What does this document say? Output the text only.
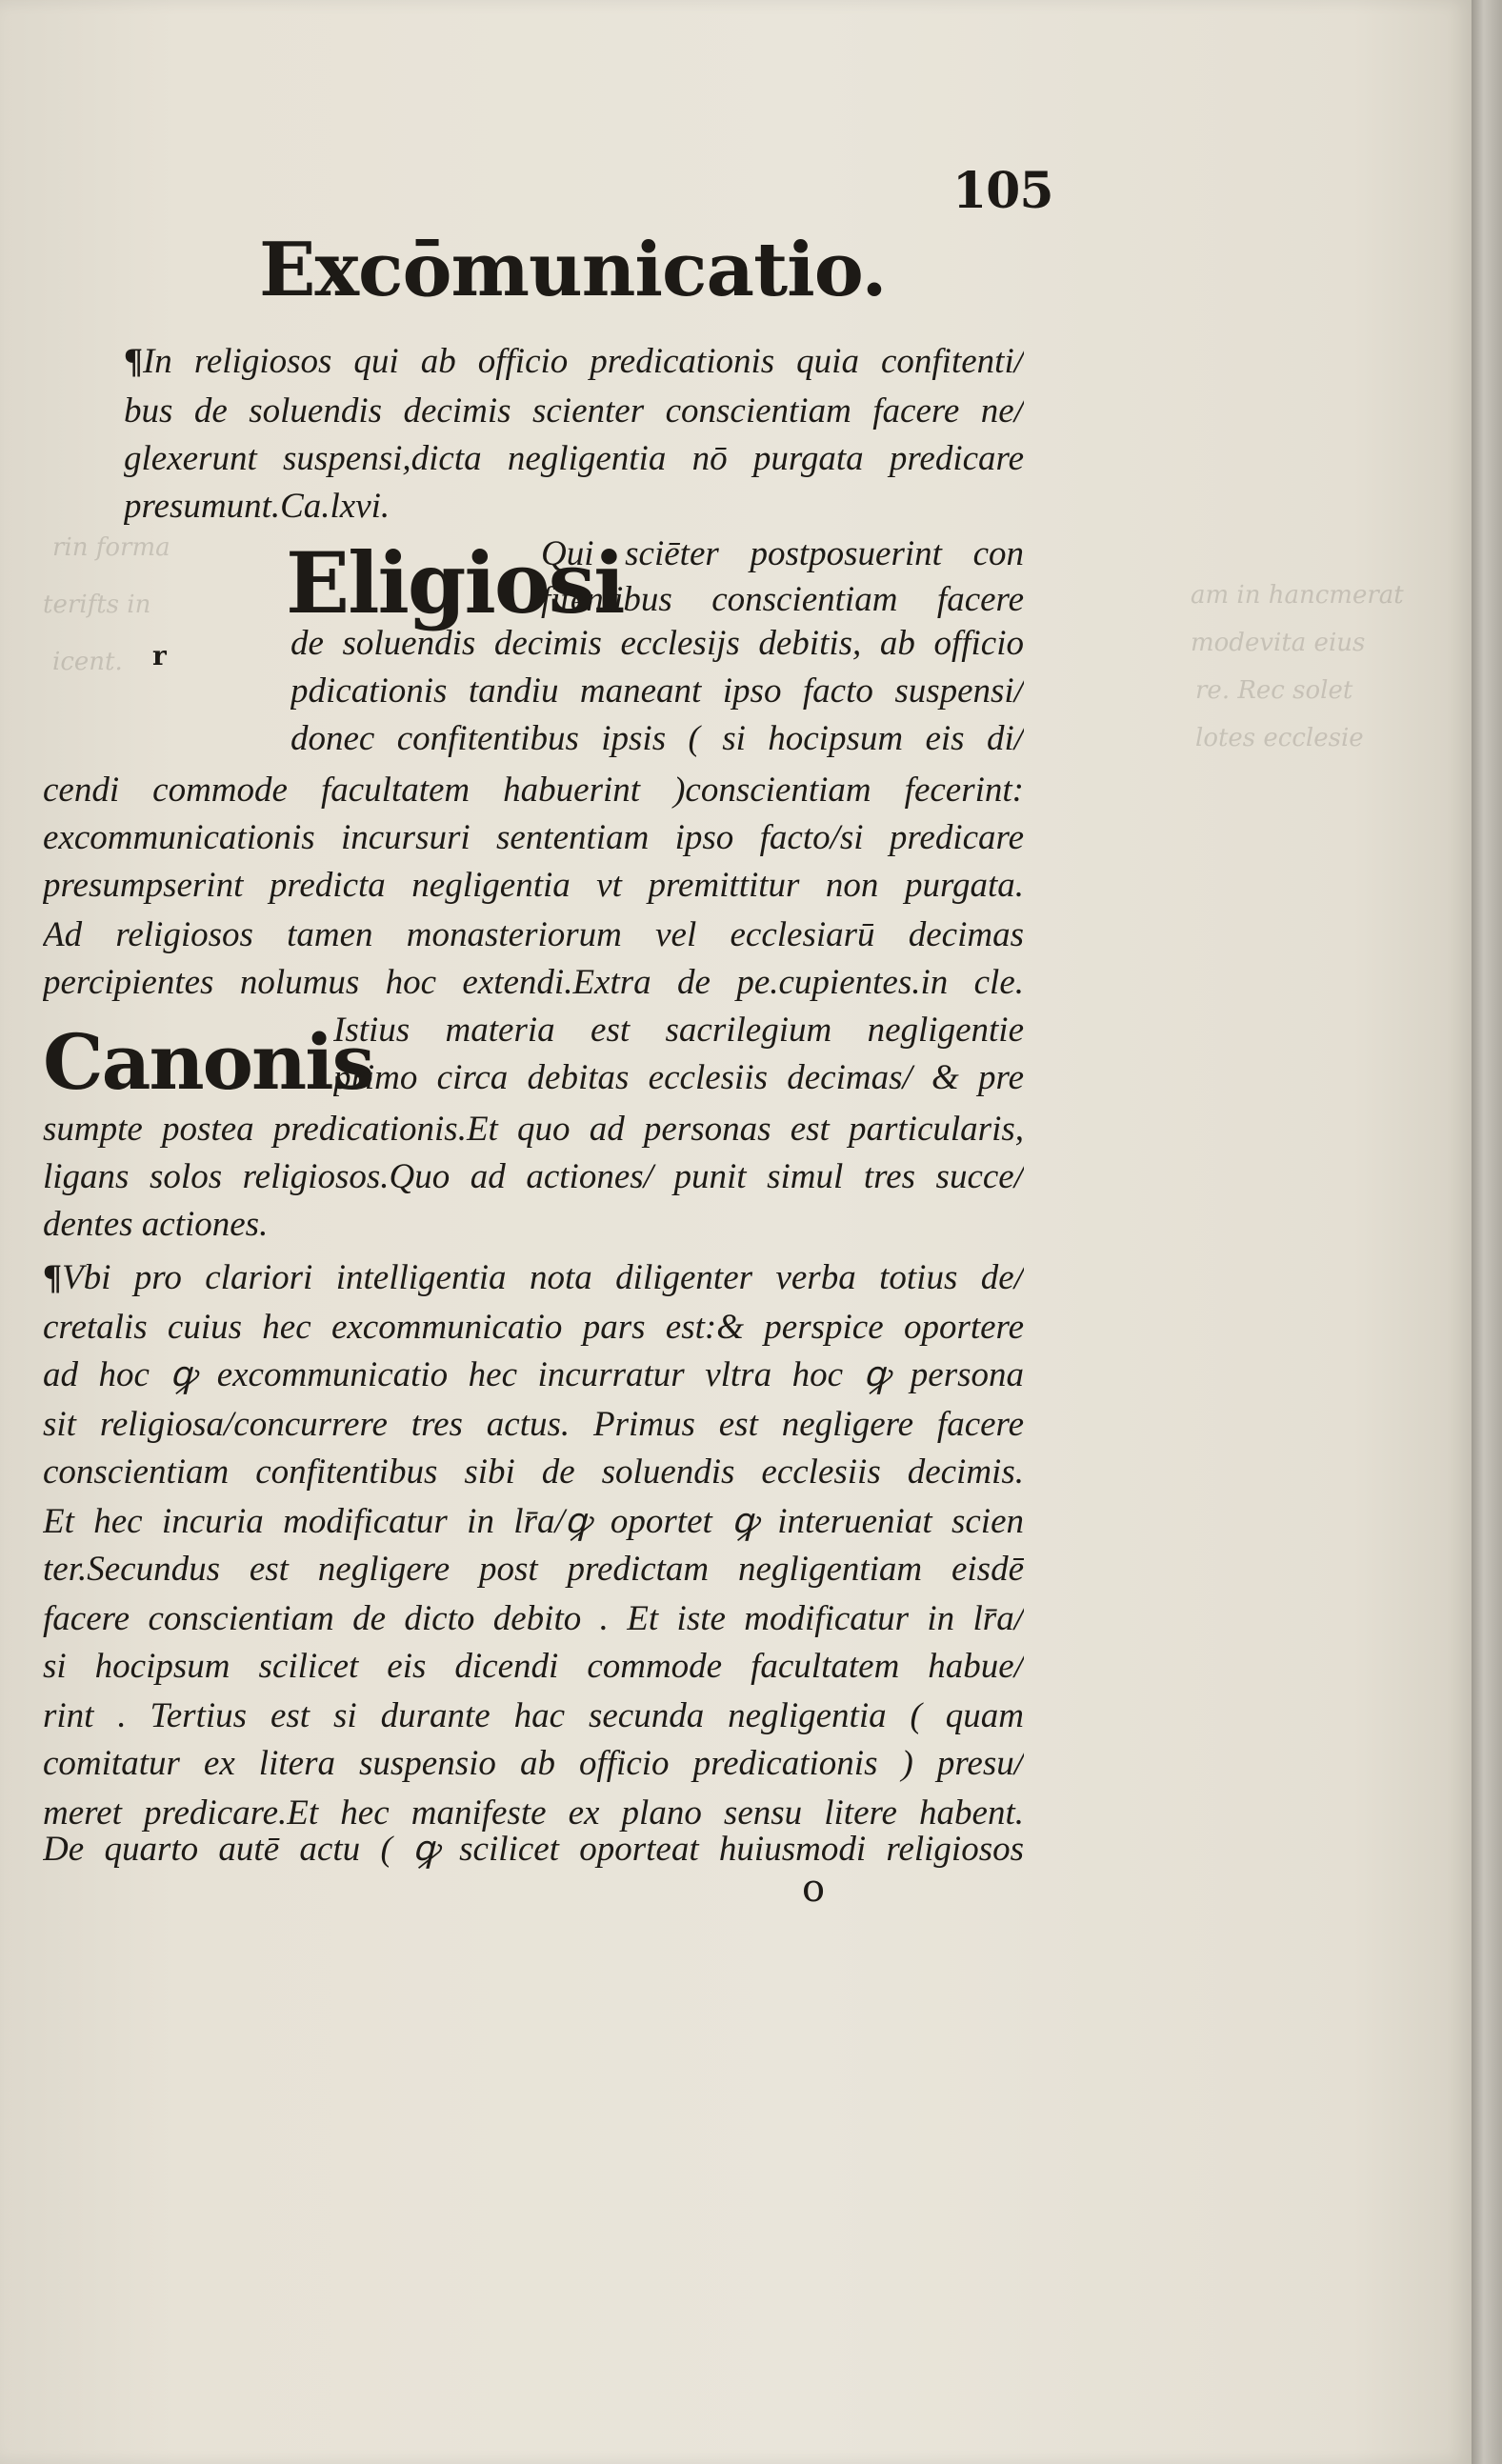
am in hancmerat
modevita eius
re. Rec solet
lotes ecclesie
rin forma
terifts in
icent.
105
Excōmunicatio.
¶In religiosos qui ab officio predicationis quia confitenti/
bus de soluendis decimis scienter conscientiam facere ne/
glexerunt suspensi,dicta negligentia nō purgata predicare
presumunt.Ca.lxvi.
Eligiosi
r
Qui sciēter postposuerint con
fitentibus conscientiam facere
de soluendis decimis ecclesijs debitis, ab officio
pdicationis tandiu maneant ipso facto suspensi/
donec confitentibus ipsis ( si hocipsum eis di/
cendi commode facultatem habuerint )conscientiam fecerint:
excommunicationis incursuri sententiam ipso facto/si predicare
presumpserint predicta negligentia vt premittitur non purgata.
Ad religiosos tamen monasteriorum vel ecclesiarū decimas
percipientes nolumus hoc extendi.Extra de pe.cupientes.in cle.
Canonis
Istius materia est sacrilegium negligentie
primo circa debitas ecclesiis decimas/ & pre
sumpte postea predicationis.Et quo ad personas est particularis,
ligans solos religiosos.Quo ad actiones/ punit simul tres succe/
dentes actiones.
¶Vbi pro clariori intelligentia nota diligenter verba totius de/
cretalis cuius hec excommunicatio pars est:& perspice oportere
ad hoc ꝙ excommunicatio hec incurratur vltra hoc ꝙ persona
sit religiosa/concurrere tres actus. Primus est negligere facere
conscientiam confitentibus sibi de soluendis ecclesiis decimis.
Et hec incuria modificatur in lr̄a/ꝙ oportet ꝙ interueniat scien
ter.Secundus est negligere post predictam negligentiam eisdē
facere conscientiam de dicto debito . Et iste modificatur in lr̄a/
si hocipsum scilicet eis dicendi commode facultatem habue/
rint . Tertius est si durante hac secunda negligentia ( quam
comitatur ex litera suspensio ab officio predicationis ) presu/
meret predicare.Et hec manifeste ex plano sensu litere habent.
De quarto autē actu ( ꝙ scilicet oporteat huiusmodi religiosos
o
